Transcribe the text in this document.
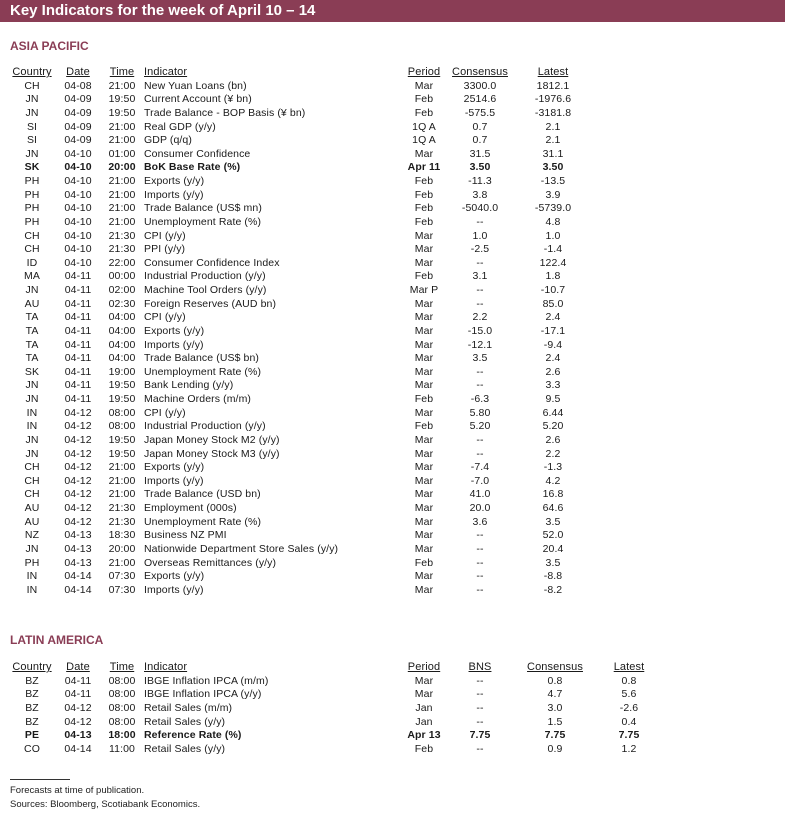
Key Indicators for the week of April 10 – 14
ASIA PACIFIC
Country	Date	Time	Indicator	Period	Consensus	Latest
CH	04-08	21:00	New Yuan Loans (bn)	Mar	3300.0	1812.1
JN	04-09	19:50	Current Account (¥ bn)	Feb	2514.6	-1976.6
JN	04-09	19:50	Trade Balance - BOP Basis (¥ bn)	Feb	-575.5	-3181.8
SI	04-09	21:00	Real GDP (y/y)	1Q A	0.7	2.1
SI	04-09	21:00	GDP (q/q)	1Q A	0.7	2.1
JN	04-10	01:00	Consumer Confidence	Mar	31.5	31.1
SK	04-10	20:00	BoK Base Rate (%)	Apr 11	3.50	3.50
PH	04-10	21:00	Exports (y/y)	Feb	-11.3	-13.5
PH	04-10	21:00	Imports (y/y)	Feb	3.8	3.9
PH	04-10	21:00	Trade Balance (US$ mn)	Feb	-5040.0	-5739.0
PH	04-10	21:00	Unemployment Rate (%)	Feb	--	4.8
CH	04-10	21:30	CPI (y/y)	Mar	1.0	1.0
CH	04-10	21:30	PPI (y/y)	Mar	-2.5	-1.4
ID	04-10	22:00	Consumer Confidence Index	Mar	--	122.4
MA	04-11	00:00	Industrial Production (y/y)	Feb	3.1	1.8
JN	04-11	02:00	Machine Tool Orders (y/y)	Mar P	--	-10.7
AU	04-11	02:30	Foreign Reserves (AUD bn)	Mar	--	85.0
TA	04-11	04:00	CPI (y/y)	Mar	2.2	2.4
TA	04-11	04:00	Exports (y/y)	Mar	-15.0	-17.1
TA	04-11	04:00	Imports (y/y)	Mar	-12.1	-9.4
TA	04-11	04:00	Trade Balance (US$ bn)	Mar	3.5	2.4
SK	04-11	19:00	Unemployment Rate (%)	Mar	--	2.6
JN	04-11	19:50	Bank Lending (y/y)	Mar	--	3.3
JN	04-11	19:50	Machine Orders (m/m)	Feb	-6.3	9.5
IN	04-12	08:00	CPI (y/y)	Mar	5.80	6.44
IN	04-12	08:00	Industrial Production (y/y)	Feb	5.20	5.20
JN	04-12	19:50	Japan Money Stock M2 (y/y)	Mar	--	2.6
JN	04-12	19:50	Japan Money Stock M3 (y/y)	Mar	--	2.2
CH	04-12	21:00	Exports (y/y)	Mar	-7.4	-1.3
CH	04-12	21:00	Imports (y/y)	Mar	-7.0	4.2
CH	04-12	21:00	Trade Balance (USD bn)	Mar	41.0	16.8
AU	04-12	21:30	Employment (000s)	Mar	20.0	64.6
AU	04-12	21:30	Unemployment Rate (%)	Mar	3.6	3.5
NZ	04-13	18:30	Business NZ PMI	Mar	--	52.0
JN	04-13	20:00	Nationwide Department Store Sales (y/y)	Mar	--	20.4
PH	04-13	21:00	Overseas Remittances (y/y)	Feb	--	3.5
IN	04-14	07:30	Exports (y/y)	Mar	--	-8.8
IN	04-14	07:30	Imports (y/y)	Mar	--	-8.2
LATIN AMERICA
Country	Date	Time	Indicator	Period	BNS	Consensus	Latest
BZ	04-11	08:00	IBGE Inflation IPCA (m/m)	Mar	--	0.8	0.8
BZ	04-11	08:00	IBGE Inflation IPCA (y/y)	Mar	--	4.7	5.6
BZ	04-12	08:00	Retail Sales (m/m)	Jan	--	3.0	-2.6
BZ	04-12	08:00	Retail Sales (y/y)	Jan	--	1.5	0.4
PE	04-13	18:00	Reference Rate (%)	Apr 13	7.75	7.75	7.75
CO	04-14	11:00	Retail Sales (y/y)	Feb	--	0.9	1.2
Forecasts at time of publication.
Sources: Bloomberg, Scotiabank Economics.
